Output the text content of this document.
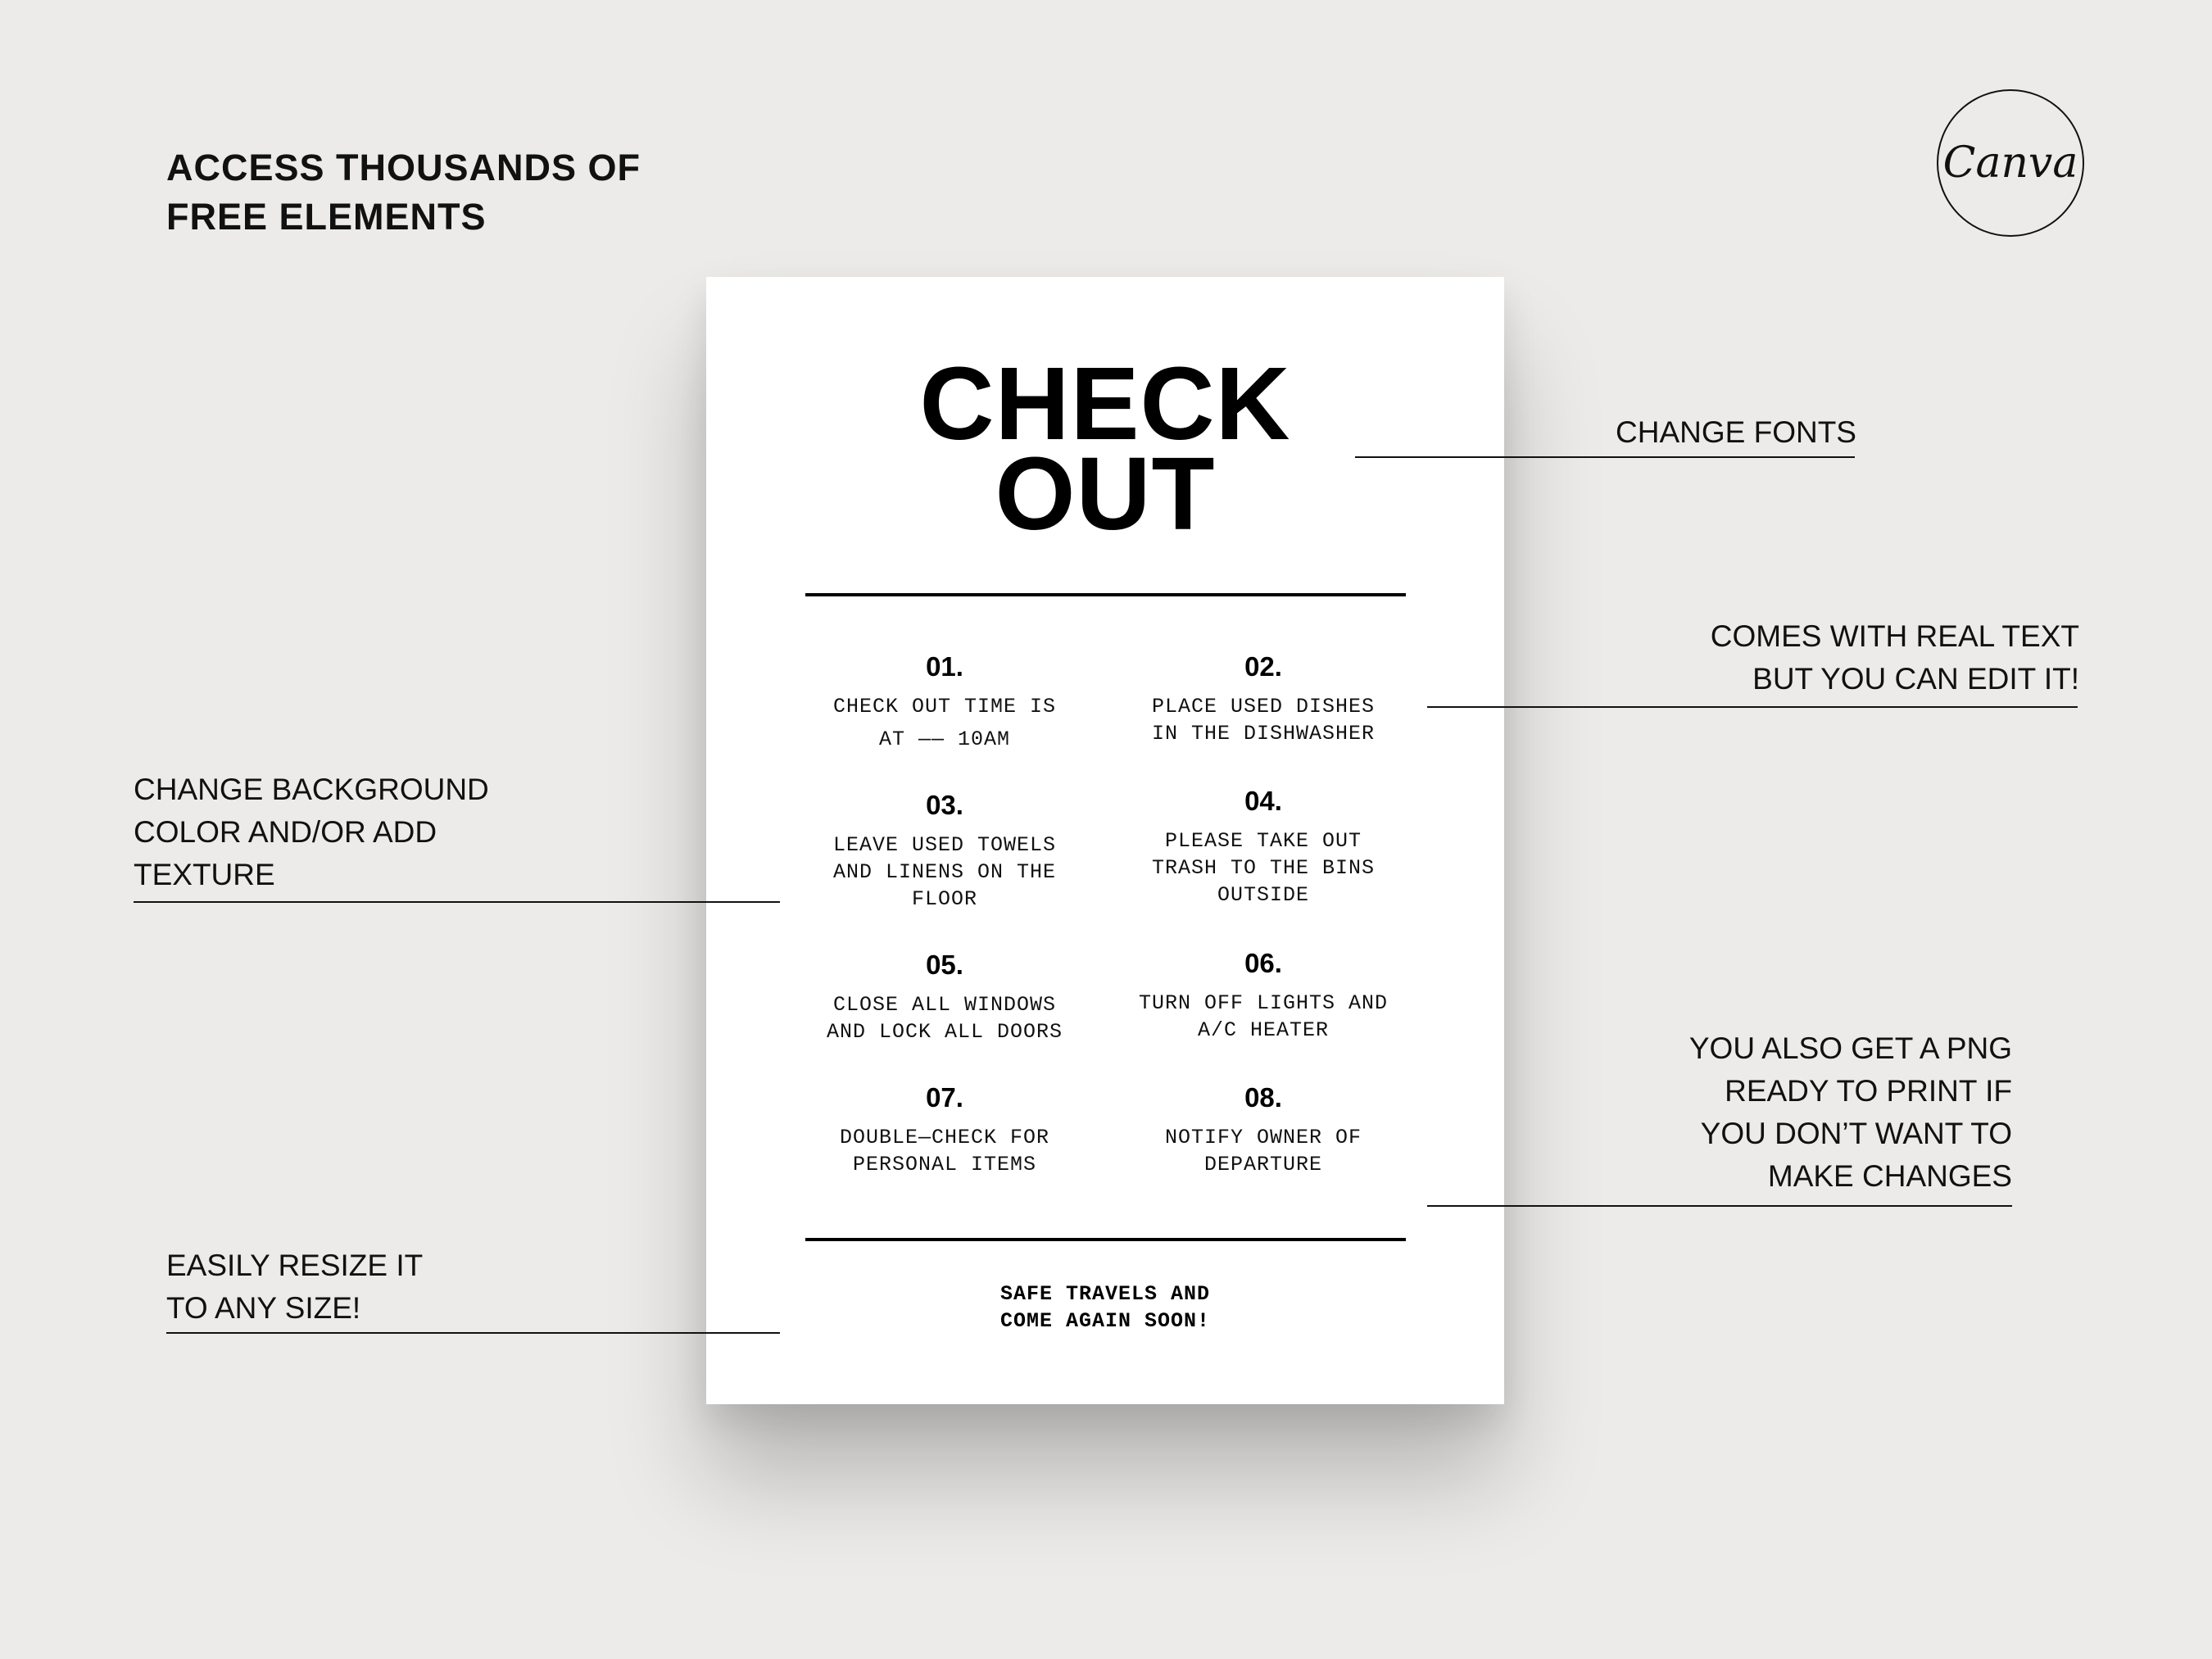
ACCESS THOUSANDS OF
FREE ELEMENTS
Canva
CHECK
OUT
01.
CHECK OUT TIME IS
AT —— 10AM
02.
PLACE USED DISHES
IN THE DISHWASHER
03.
LEAVE USED TOWELS
AND LINENS ON THE
FLOOR
04.
PLEASE TAKE OUT
TRASH TO THE BINS
OUTSIDE
05.
CLOSE ALL WINDOWS
AND LOCK ALL DOORS
06.
TURN OFF LIGHTS AND
A/C HEATER
07.
DOUBLE—CHECK FOR
PERSONAL ITEMS
08.
NOTIFY OWNER OF
DEPARTURE
SAFE TRAVELS AND
COME AGAIN SOON!
CHANGE FONTS
COMES WITH REAL TEXT
BUT YOU CAN EDIT IT!
CHANGE BACKGROUND
COLOR AND/OR ADD
TEXTURE
YOU ALSO GET A PNG
READY TO PRINT IF
YOU DON’T WANT TO
MAKE CHANGES
EASILY RESIZE IT
TO ANY SIZE!
